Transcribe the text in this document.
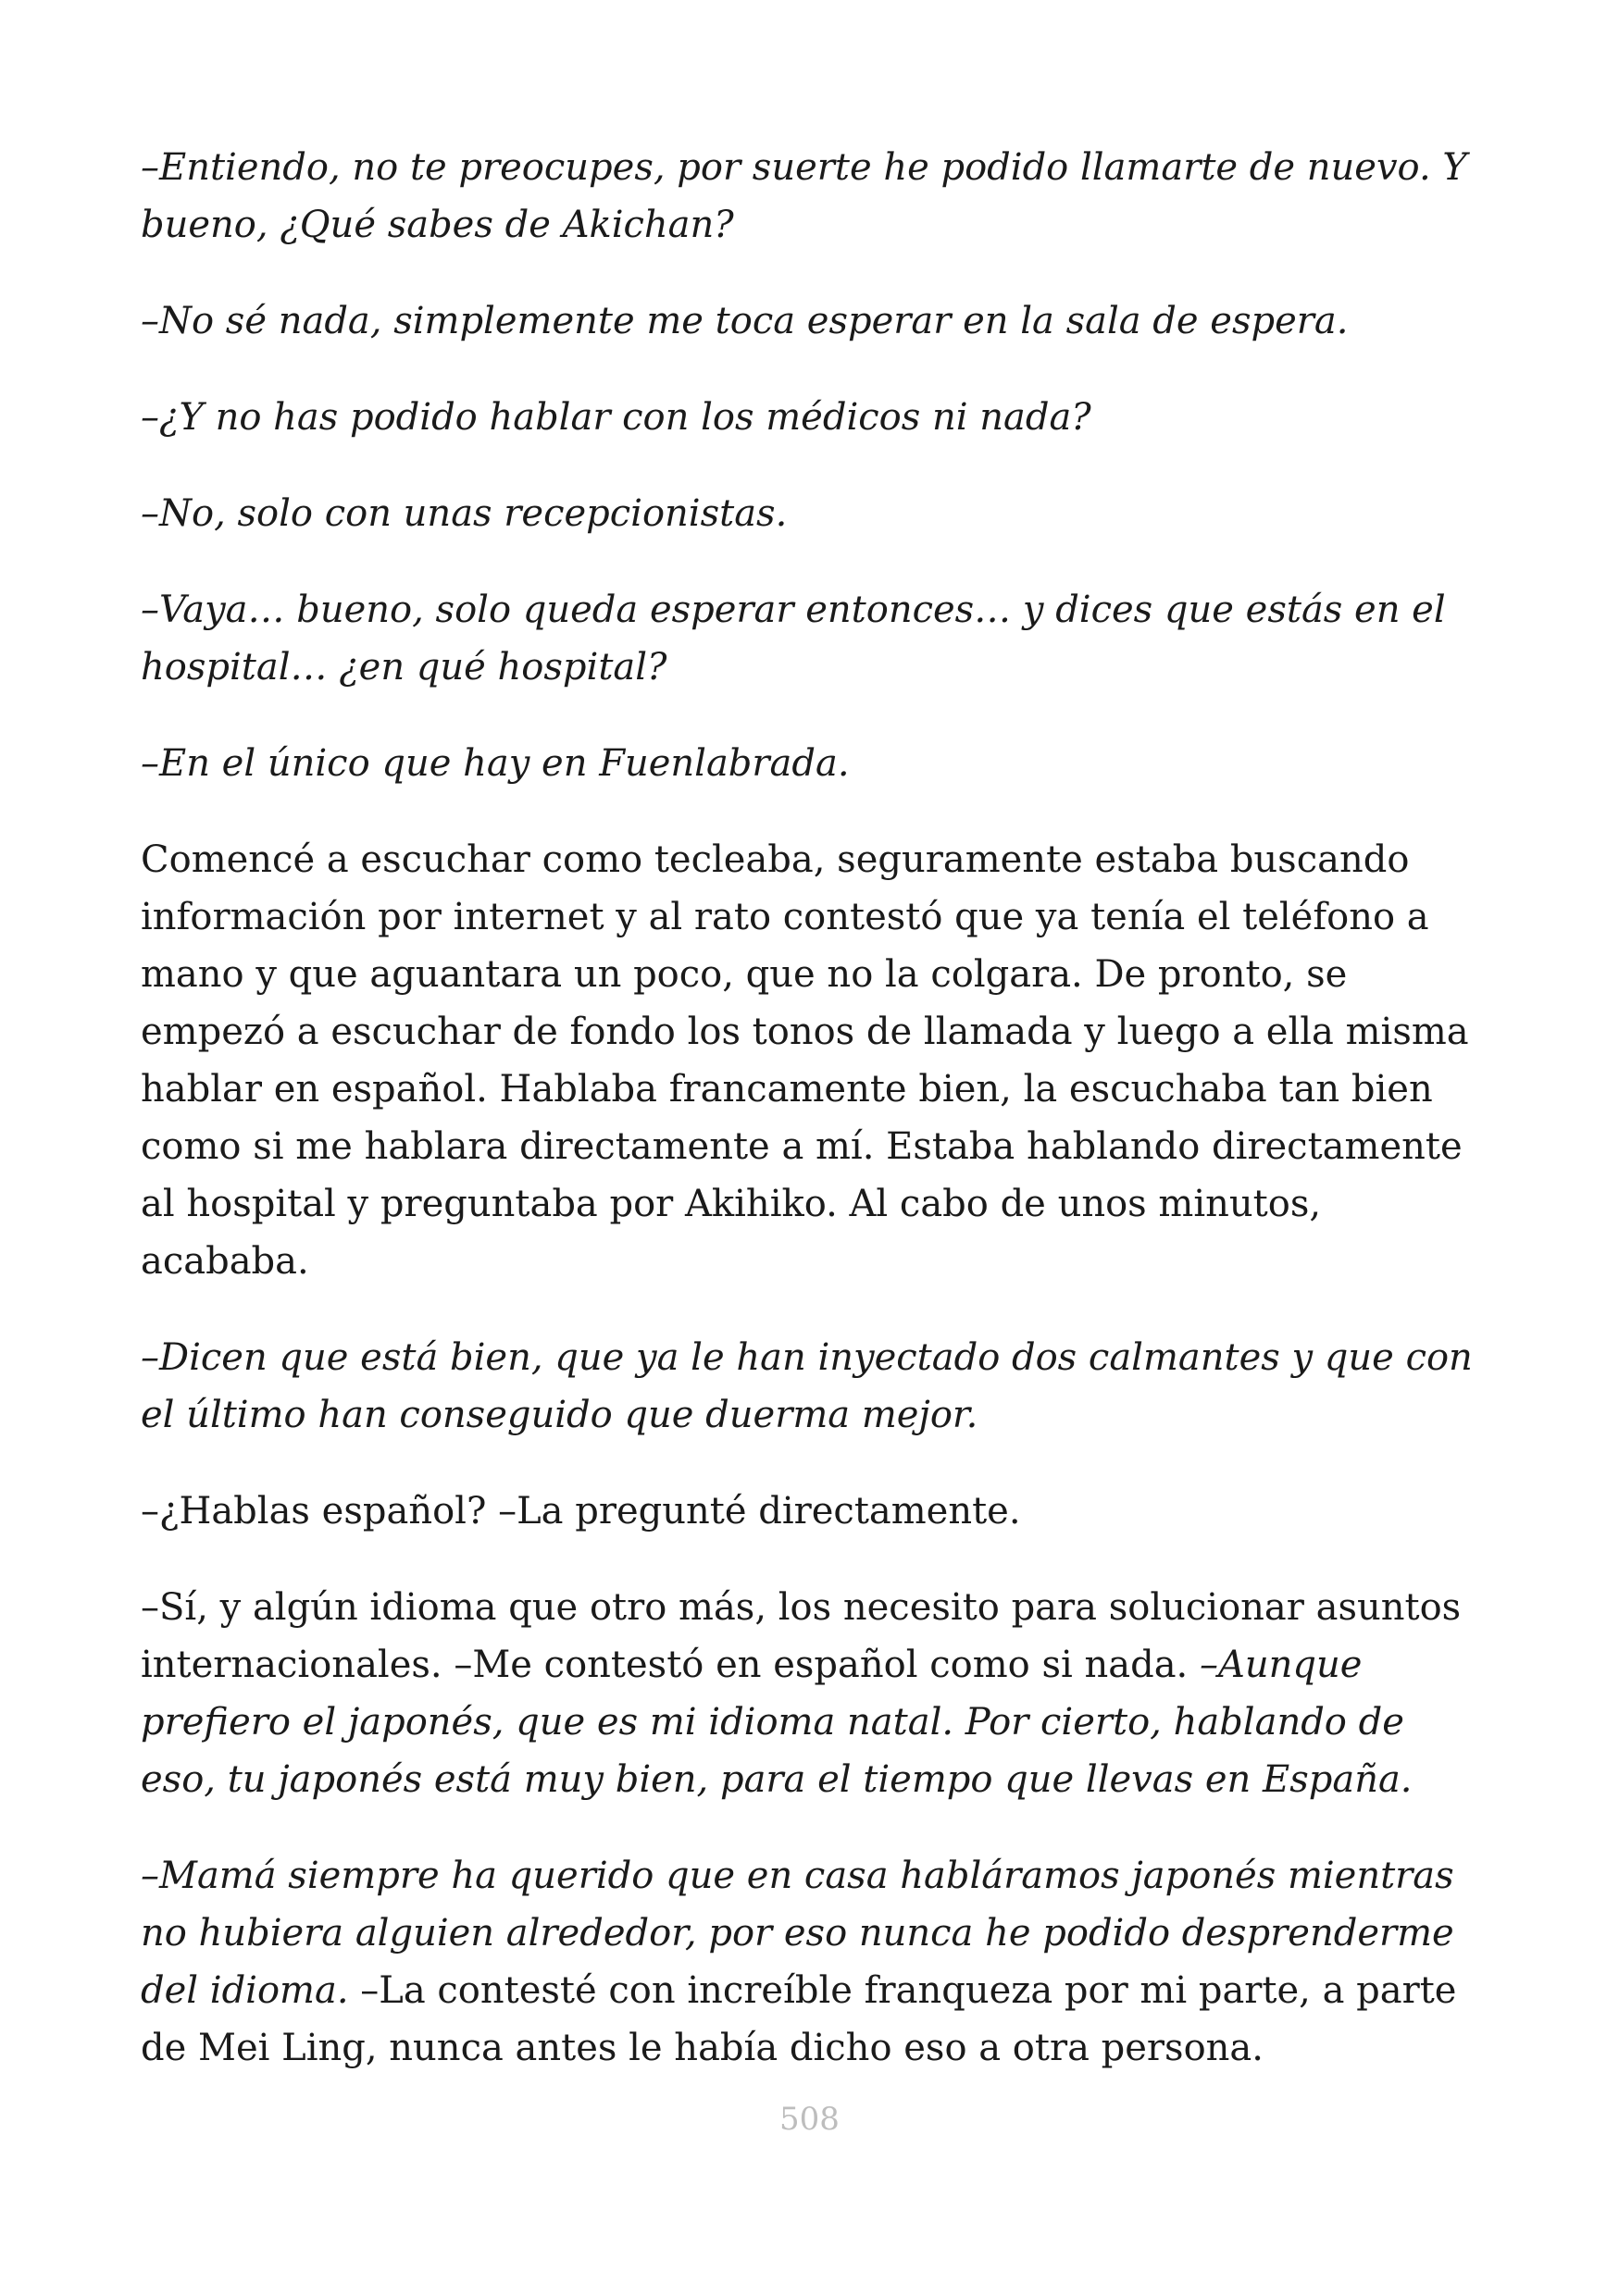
–Entiendo, no te preocupes, por suerte he podido llamarte de nuevo. Y bueno, ¿Qué sabes de Akichan?

–No sé nada, simplemente me toca esperar en la sala de espera.

–¿Y no has podido hablar con los médicos ni nada?

–No, solo con unas recepcionistas.

–Vaya… bueno, solo queda esperar entonces… y dices que estás en el hospital… ¿en qué hospital?

–En el único que hay en Fuenlabrada.

Comencé a escuchar como tecleaba, seguramente estaba buscando información por internet y al rato contestó que ya tenía el teléfono a mano y que aguantara un poco, que no la colgara. De pronto, se empezó a escuchar de fondo los tonos de llamada y luego a ella misma hablar en español. Hablaba francamente bien, la escuchaba tan bien como si me hablara directamente a mí. Estaba hablando directamente al hospital y preguntaba por Akihiko. Al cabo de unos minutos, acababa.

–Dicen que está bien, que ya le han inyectado dos calmantes y que con el último han conseguido que duerma mejor.

–¿Hablas español? –La pregunté directamente.

–Sí, y algún idioma que otro más, los necesito para solucionar asuntos internacionales. –Me contestó en español como si nada. –Aunque prefiero el japonés, que es mi idioma natal. Por cierto, hablando de eso, tu japonés está muy bien, para el tiempo que llevas en España.

–Mamá siempre ha querido que en casa habláramos japonés mientras no hubiera alguien alrededor, por eso nunca he podido desprenderme del idioma. –La contesté con increíble franqueza por mi parte, a parte de Mei Ling, nunca antes le había dicho eso a otra persona.

508
